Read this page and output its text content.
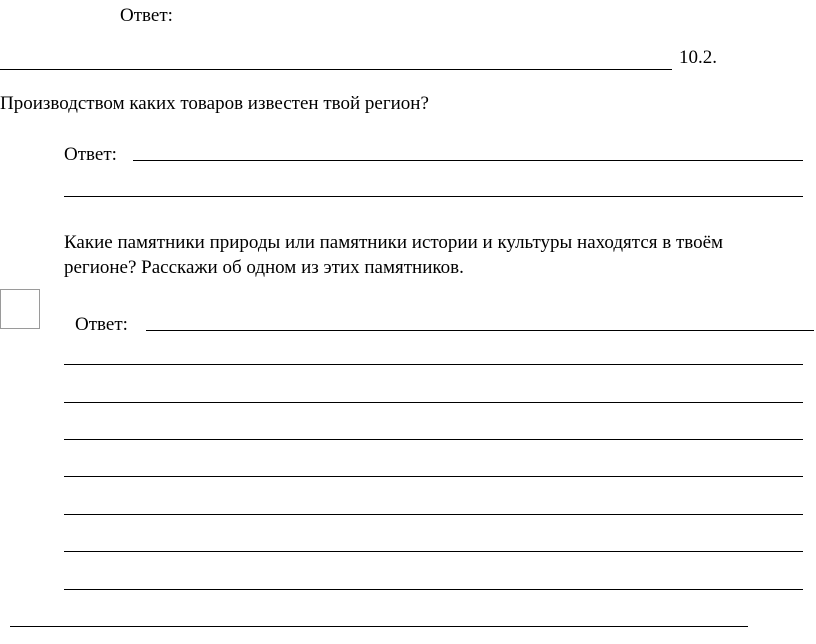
Ответ:
10.2.
Производством каких товаров известен твой регион?
Ответ:
Какие памятники природы или памятники истории и культуры находятся в твоём
регионе? Расскажи об одном из этих памятников.
Ответ:
